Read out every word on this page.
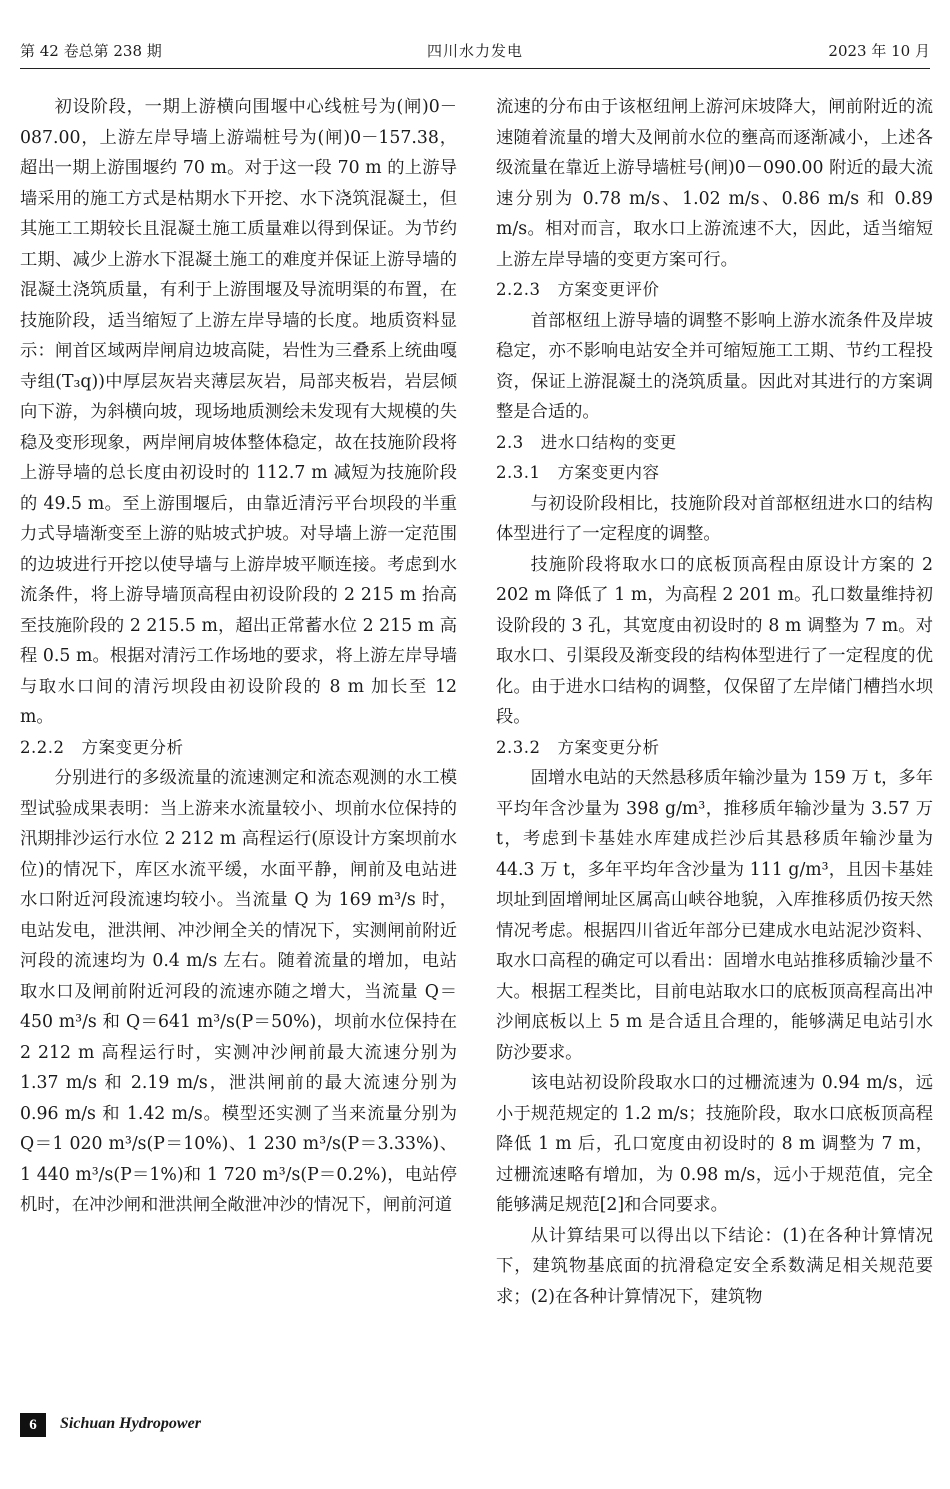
第 42 卷总第 238 期	四川水力发电	2023 年 10 月

初设阶段，一期上游横向围堰中心线桩号为(闸)0－087.00，上游左岸导墙上游端桩号为(闸)0－157.38，超出一期上游围堰约 70 m。对于这一段 70 m 的上游导墙采用的施工方式是枯期水下开挖、水下浇筑混凝土，但其施工工期较长且混凝土施工质量难以得到保证。为节约工期、减少上游水下混凝土施工的难度并保证上游导墙的混凝土浇筑质量，有利于上游围堰及导流明渠的布置，在技施阶段，适当缩短了上游左岸导墙的长度。地质资料显示：闸首区域两岸闸肩边坡高陡，岩性为三叠系上统曲嘎寺组(T₃q))中厚层灰岩夹薄层灰岩，局部夹板岩，岩层倾向下游，为斜横向坡，现场地质测绘未发现有大规模的失稳及变形现象，两岸闸肩坡体整体稳定，故在技施阶段将上游导墙的总长度由初设时的 112.7 m 减短为技施阶段的 49.5 m。至上游围堰后，由靠近清污平台坝段的半重力式导墙渐变至上游的贴坡式护坡。对导墙上游一定范围的边坡进行开挖以使导墙与上游岸坡平顺连接。考虑到水流条件，将上游导墙顶高程由初设阶段的 2 215 m 抬高至技施阶段的 2 215.5 m，超出正常蓄水位 2 215 m 高程 0.5 m。根据对清污工作场地的要求，将上游左岸导墙与取水口间的清污坝段由初设阶段的 8 m 加长至 12 m。

2.2.2　方案变更分析

分别进行的多级流量的流速测定和流态观测的水工模型试验成果表明：当上游来水流量较小、坝前水位保持的汛期排沙运行水位 2 212 m 高程运行(原设计方案坝前水位)的情况下，库区水流平缓，水面平静，闸前及电站进水口附近河段流速均较小。当流量 Q 为 169 m³/s 时，电站发电，泄洪闸、冲沙闸全关的情况下，实测闸前附近河段的流速均为 0.4 m/s 左右。随着流量的增加，电站取水口及闸前附近河段的流速亦随之增大，当流量 Q＝450 m³/s 和 Q＝641 m³/s(P＝50%)，坝前水位保持在 2 212 m 高程运行时，实测冲沙闸前最大流速分别为 1.37 m/s 和 2.19 m/s，泄洪闸前的最大流速分别为 0.96 m/s 和 1.42 m/s。模型还实测了当来流量分别为 Q＝1 020 m³/s(P＝10%)、1 230 m³/s(P＝3.33%)、1 440 m³/s(P＝1%)和 1 720 m³/s(P＝0.2%)，电站停机时，在冲沙闸和泄洪闸全敞泄冲沙的情况下，闸前河道

流速的分布由于该枢纽闸上游河床坡降大，闸前附近的流速随着流量的增大及闸前水位的壅高而逐渐减小，上述各级流量在靠近上游导墙桩号(闸)0－090.00 附近的最大流速分别为 0.78 m/s、1.02 m/s、0.86 m/s 和 0.89 m/s。相对而言，取水口上游流速不大，因此，适当缩短上游左岸导墙的变更方案可行。

2.2.3　方案变更评价

首部枢纽上游导墙的调整不影响上游水流条件及岸坡稳定，亦不影响电站安全并可缩短施工工期、节约工程投资，保证上游混凝土的浇筑质量。因此对其进行的方案调整是合适的。

2.3　进水口结构的变更
2.3.1　方案变更内容

与初设阶段相比，技施阶段对首部枢纽进水口的结构体型进行了一定程度的调整。

技施阶段将取水口的底板顶高程由原设计方案的 2 202 m 降低了 1 m，为高程 2 201 m。孔口数量维持初设阶段的 3 孔，其宽度由初设时的 8 m 调整为 7 m。对取水口、引渠段及渐变段的结构体型进行了一定程度的优化。由于进水口结构的调整，仅保留了左岸储门槽挡水坝段。

2.3.2　方案变更分析

固增水电站的天然悬移质年输沙量为 159 万 t，多年平均年含沙量为 398 g/m³，推移质年输沙量为 3.57 万 t，考虑到卡基娃水库建成拦沙后其悬移质年输沙量为 44.3 万 t，多年平均年含沙量为 111 g/m³，且因卡基娃坝址到固增闸址区属高山峡谷地貌，入库推移质仍按天然情况考虑。根据四川省近年部分已建成水电站泥沙资料、取水口高程的确定可以看出：固增水电站推移质输沙量不大。根据工程类比，目前电站取水口的底板顶高程高出冲沙闸底板以上 5 m 是合适且合理的，能够满足电站引水防沙要求。

该电站初设阶段取水口的过栅流速为 0.94 m/s，远小于规范规定的 1.2 m/s；技施阶段，取水口底板顶高程降低 1 m 后，孔口宽度由初设时的 8 m 调整为 7 m，过栅流速略有增加，为 0.98 m/s，远小于规范值，完全能够满足规范[2]和合同要求。

从计算结果可以得出以下结论：(1)在各种计算情况下，建筑物基底面的抗滑稳定安全系数满足相关规范要求；(2)在各种计算情况下，建筑物

6	Sichuan Hydropower
